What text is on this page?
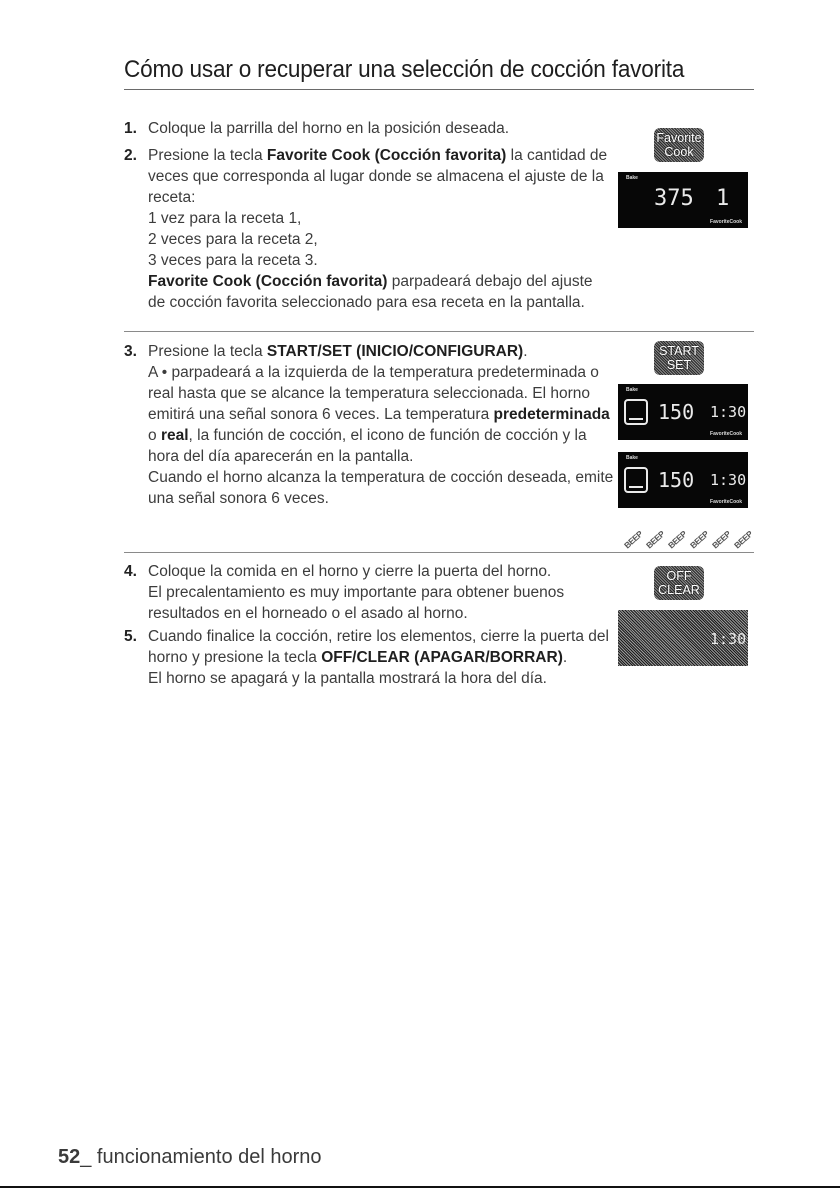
Cómo usar o recuperar una selección de cocción favorita
1. Coloque la parrilla del horno en la posición deseada.

2. Presione la tecla Favorite Cook (Cocción favorita) la cantidad de veces que corresponda al lugar donde se almacena el ajuste de la receta:

1 vez para la receta 1,

2 veces para la receta 2,

3 veces para la receta 3.

Favorite Cook (Cocción favorita) parpadeará debajo del ajuste de cocción favorita seleccionado para esa receta en la pantalla.

3. Presione la tecla START/SET (INICIO/CONFIGURAR).

A • parpadeará a la izquierda de la temperatura predeterminada o real hasta que se alcance la temperatura seleccionada. El horno emitirá una señal sonora 6 veces. La temperatura predeterminada o real, la función de cocción, el icono de función de cocción y la hora del día aparecerán en la pantalla.

Cuando el horno alcanza la temperatura de cocción deseada, emite una señal sonora 6 veces.

4. Coloque la comida en el horno y cierre la puerta del horno.

El precalentamiento es muy importante para obtener buenos resultados en el horneado o el asado al horno.

5. Cuando finalice la cocción, retire los elementos, cierre la puerta del horno y presione la tecla OFF/CLEAR (APAGAR/BORRAR).

El horno se apagará y la pantalla mostrará la hora del día.

Favorite
Cook
Bake
375 1
FavoriteCook
START
SET
Bake
150 1:30
FavoriteCook
Bake
150 1:30
FavoriteCook
BEEP BEEP BEEP BEEP BEEP BEEP
OFF
CLEAR
1:30
52_ funcionamiento del horno
